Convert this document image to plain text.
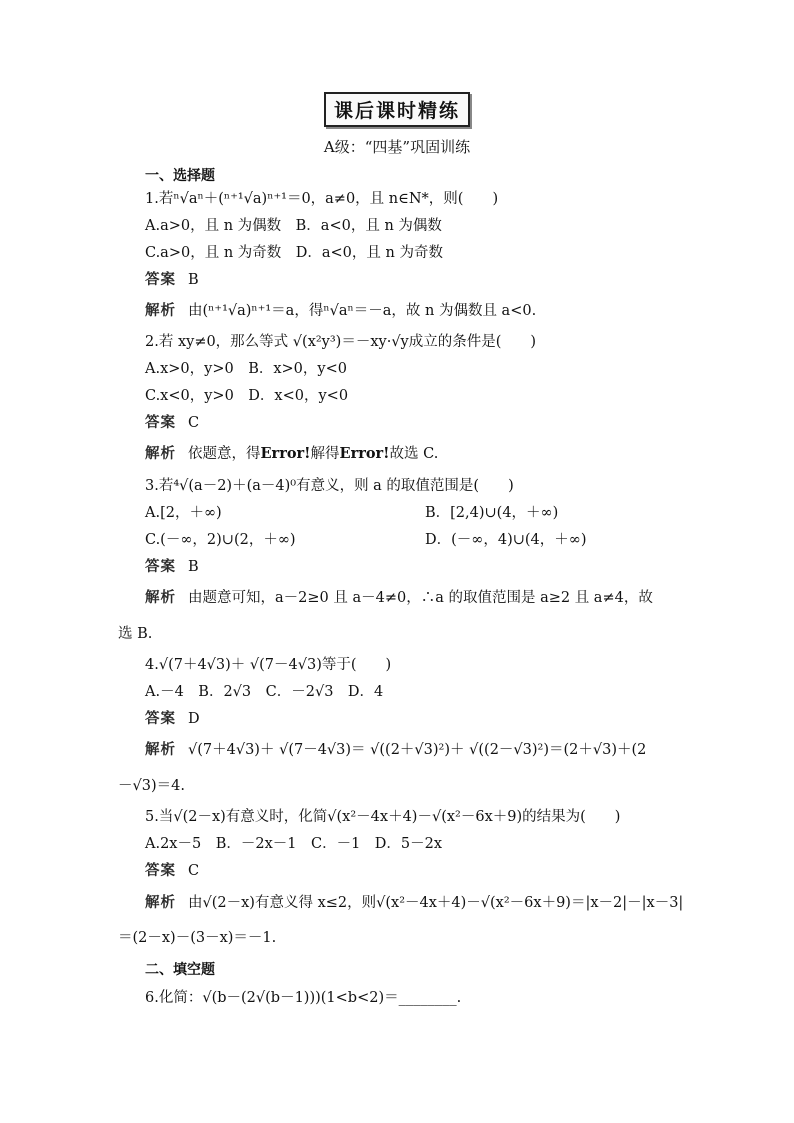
课后课时精练
A级：“四基”巩固训练
一、选择题
1.若ⁿ√aⁿ＋(ⁿ⁺¹√a)ⁿ⁺¹＝0，a≠0，且 n∈N*，则(　　)
A.a>0，且 n 为偶数　B．a<0，且 n 为偶数
C.a>0，且 n 为奇数　D．a<0，且 n 为奇数
答案 B
解析 由(ⁿ⁺¹√a)ⁿ⁺¹＝a，得ⁿ√aⁿ＝－a，故 n 为偶数且 a<0.
2.若 xy≠0，那么等式 √(x²y³)＝－xy·√y成立的条件是(　　)
A.x>0，y>0　B．x>0，y<0
C.x<0，y>0　D．x<0，y<0
答案 C
解析 依题意，得Error!解得Error!故选 C.
3.若⁴√(a－2)＋(a－4)⁰有意义，则 a 的取值范围是(　　)
A.[2，＋∞)	B．[2,4)∪(4，＋∞)
C.(－∞，2)∪(2，＋∞)	D．(－∞，4)∪(4，＋∞)
答案 B
解析 由题意可知，a－2≥0 且 a－4≠0，∴a 的取值范围是 a≥2 且 a≠4，故
选 B.
4.√(7＋4√3)＋ √(7－4√3)等于(　　)
A.－4　B．2√3　C．－2√3　D．4
答案 D
解析 √(7＋4√3)＋ √(7－4√3)＝ √((2＋√3)²)＋ √((2－√3)²)＝(2＋√3)＋(2
－√3)＝4.
5.当√(2－x)有意义时，化简√(x²－4x＋4)－√(x²－6x＋9)的结果为(　　)
A.2x－5　B．－2x－1　C．－1　D．5－2x
答案 C
解析 由√(2－x)有意义得 x≤2，则√(x²－4x＋4)－√(x²－6x＋9)＝|x－2|－|x－3|
＝(2－x)－(3－x)＝－1.
二、填空题
6.化简：√(b－(2√(b－1)))(1<b<2)＝________.
